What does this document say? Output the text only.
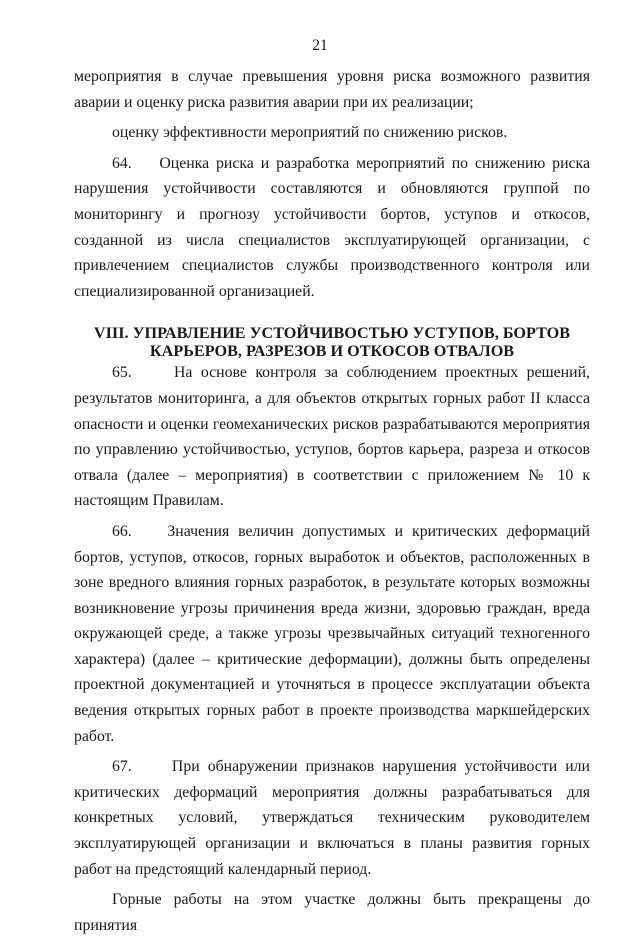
21

мероприятия в случае превышения уровня риска возможного развития аварии и оценку риска развития аварии при их реализации;

оценку эффективности мероприятий по снижению рисков.

64.    Оценка риска и разработка мероприятий по снижению риска нарушения устойчивости составляются и обновляются группой по мониторингу и прогнозу устойчивости бортов, уступов и откосов, созданной из числа специалистов эксплуатирующей организации, с привлечением специалистов службы производственного контроля или специализированной организацией.

VIII. УПРАВЛЕНИЕ УСТОЙЧИВОСТЬЮ УСТУПОВ, БОРТОВ
КАРЬЕРОВ, РАЗРЕЗОВ И ОТКОСОВ ОТВАЛОВ

65.     На основе контроля за соблюдением проектных решений, результатов мониторинга, а для объектов открытых горных работ II класса опасности и оценки геомеханических рисков разрабатываются мероприятия по управлению устойчивостью, уступов, бортов карьера, разреза и откосов отвала (далее – мероприятия) в соответствии с приложением № 10 к настоящим Правилам.

66.    Значения величин допустимых и критических деформаций бортов, уступов, откосов, горных выработок и объектов, расположенных в зоне вредного влияния горных разработок, в результате которых возможны возникновение угрозы причинения вреда жизни, здоровью граждан, вреда окружающей среде, а также угрозы чрезвычайных ситуаций техногенного характера) (далее – критические деформации), должны быть определены проектной документацией и уточняться в процессе эксплуатации объекта ведения открытых горных работ в проекте производства маркшейдерских работ.

67.     При обнаружении признаков нарушения устойчивости или критических деформаций мероприятия должны разрабатываться для конкретных условий, утверждаться техническим руководителем эксплуатирующей организации и включаться в планы развития горных работ на предстоящий календарный период.

Горные работы на этом участке должны быть прекращены до принятия
